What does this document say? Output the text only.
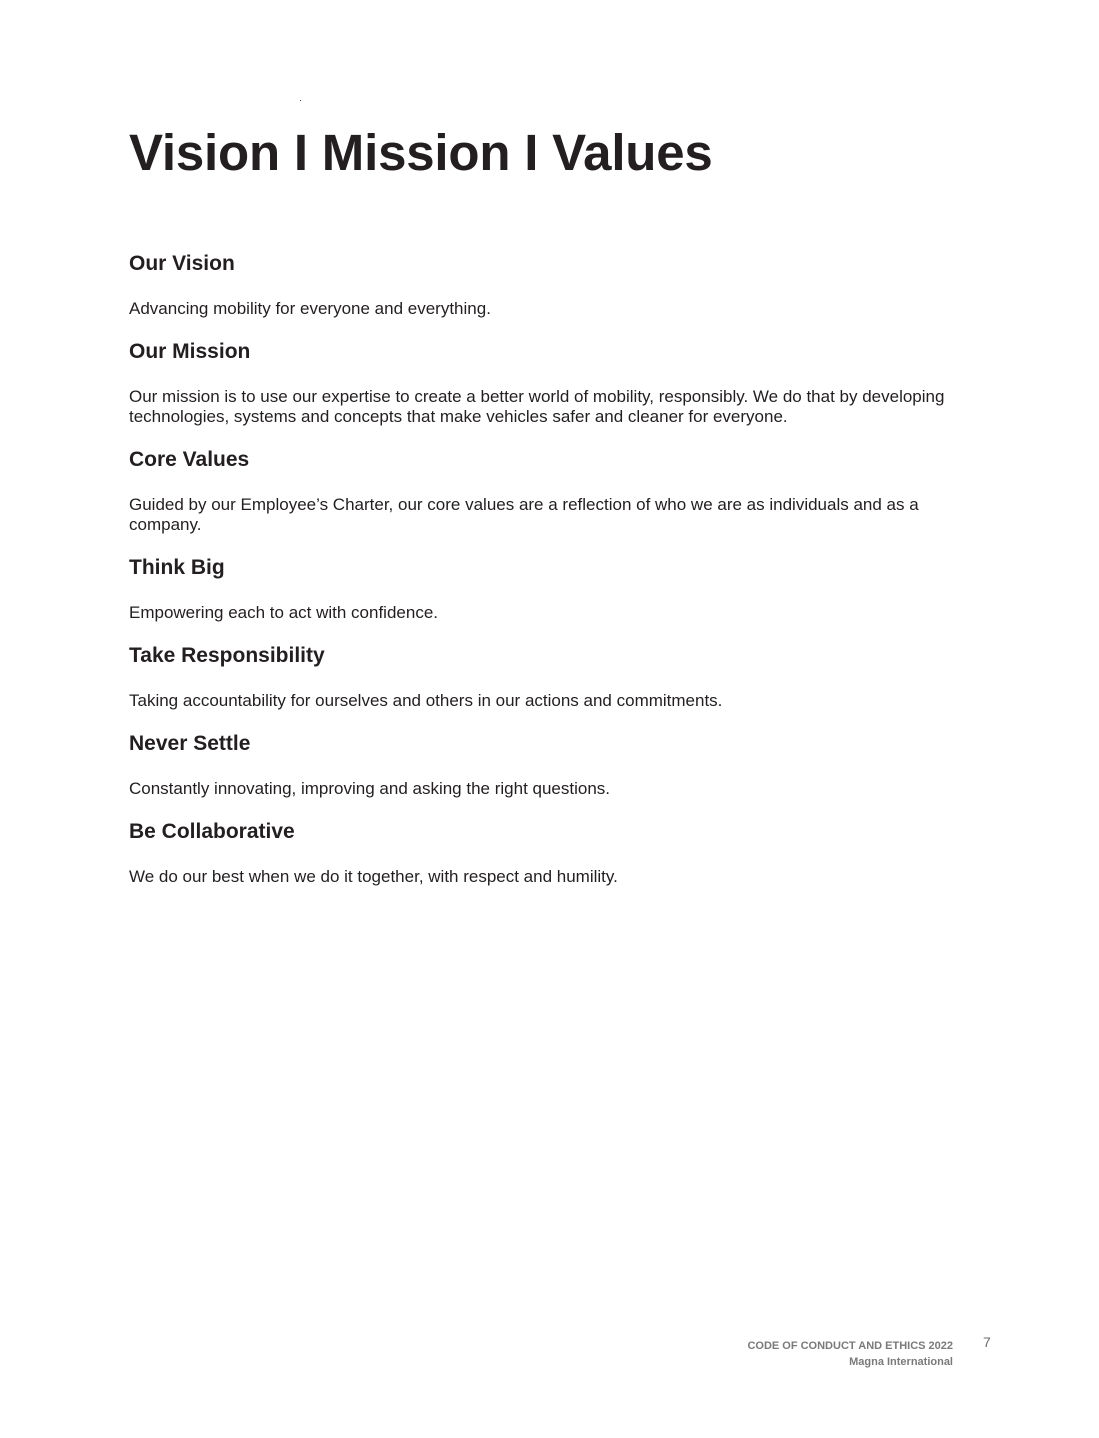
Vision I Mission I Values
Our Vision

Advancing mobility for everyone and everything.

Our Mission

Our mission is to use our expertise to create a better world of mobility, responsibly. We do that by developing technologies, systems and concepts that make vehicles safer and cleaner for everyone.

Core Values

Guided by our Employee’s Charter, our core values are a reflection of who we are as individuals and as a company.

Think Big

Empowering each to act with confidence.

Take Responsibility

Taking accountability for ourselves and others in our actions and commitments.

Never Settle

Constantly innovating, improving and asking the right questions.

Be Collaborative

We do our best when we do it together, with respect and humility.

CODE OF CONDUCT AND ETHICS 2022
Magna International
7
